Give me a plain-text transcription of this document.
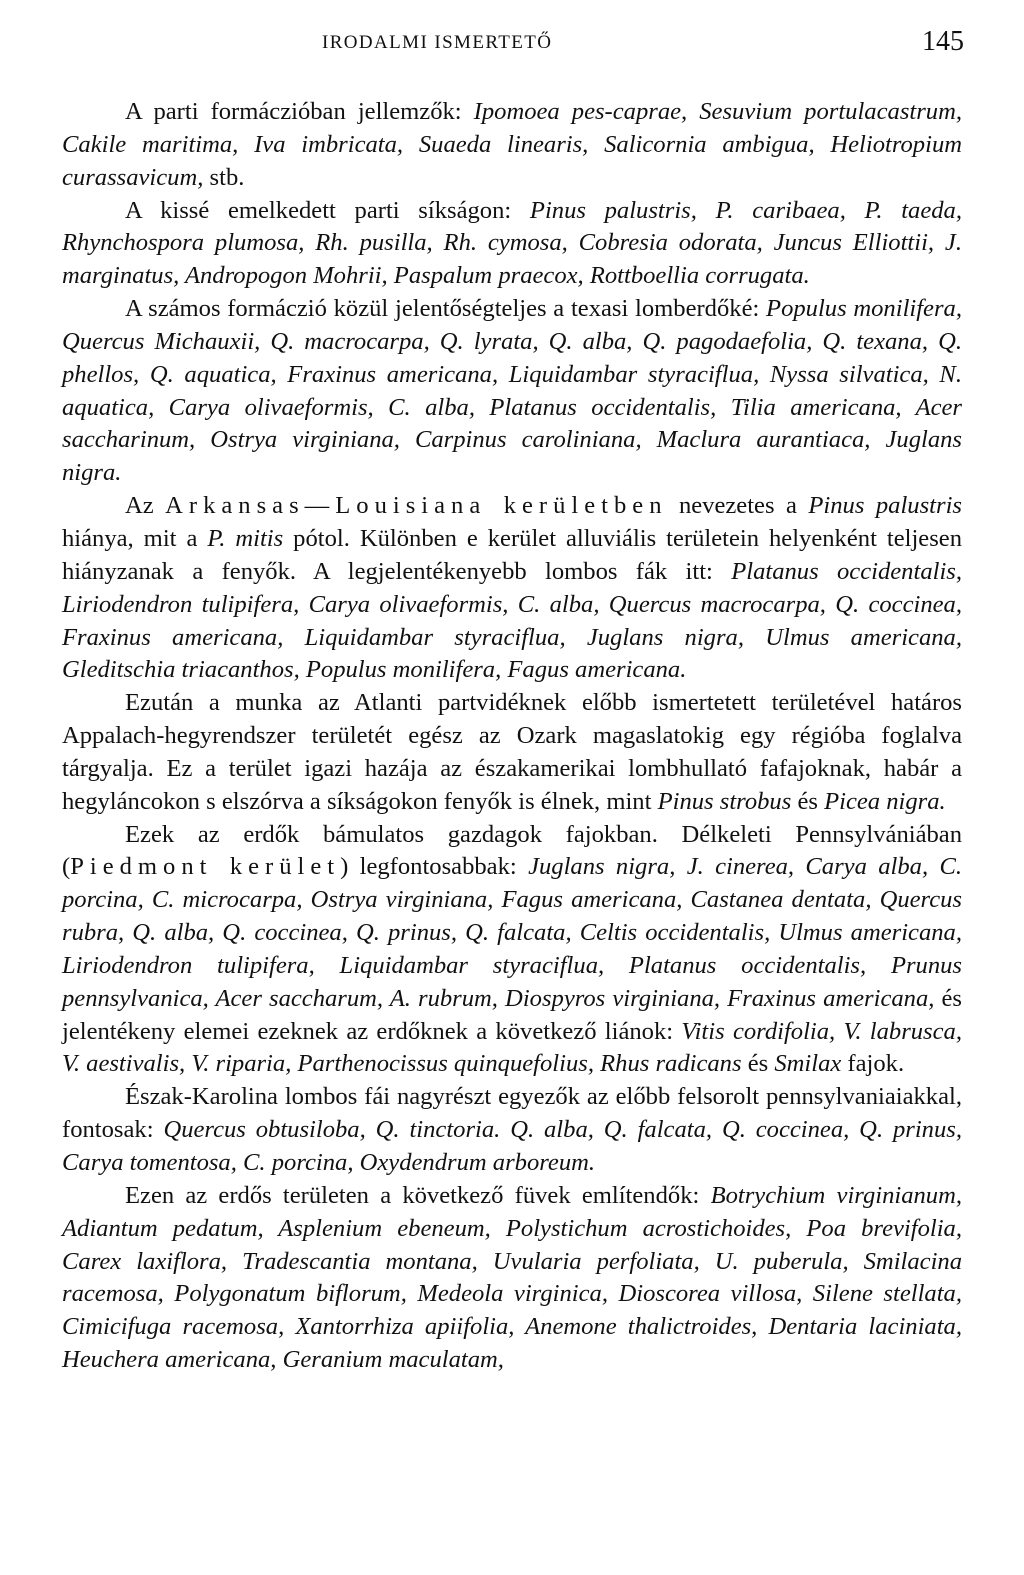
IRODALMI ISMERTETŐ	145

A parti formáczióban jellemzők: Ipomoea pes-caprae, Sesuvium portulacastrum, Cakile maritima, Iva imbricata, Suaeda linearis, Salicornia ambigua, Heliotropium curassavicum, stb.

A kissé emelkedett parti síkságon: Pinus palustris, P. caribaea, P. taeda, Rhynchospora plumosa, Rh. pusilla, Rh. cymosa, Cobresia odorata, Juncus Elliottii, J. marginatus, Andropogon Mohrii, Paspalum praecox, Rottboellia corrugata.

A számos formáczió közül jelentőségteljes a texasi lomberdőké: Populus monilifera, Quercus Michauxii, Q. macrocarpa, Q. lyrata, Q. alba, Q. pagodaefolia, Q. texana, Q. phellos, Q. aquatica, Fraxinus americana, Liquidambar styraciflua, Nyssa silvatica, N. aquatica, Carya olivaeformis, C. alba, Platanus occidentalis, Tilia americana, Acer saccharinum, Ostrya virginiana, Carpinus caroliniana, Maclura aurantiaca, Juglans nigra.

Az Arkansas—Louisiana kerületben nevezetes a Pinus palustris hiánya, mit a P. mitis pótol. Különben e kerület alluviális területein helyenként teljesen hiányzanak a fenyők. A legjelentékenyebb lombos fák itt: Platanus occidentalis, Liriodendron tulipifera, Carya olivaeformis, C. alba, Quercus macrocarpa, Q. coccinea, Fraxinus americana, Liquidambar styraciflua, Juglans nigra, Ulmus americana, Gleditschia triacanthos, Populus monilifera, Fagus americana.

Ezután a munka az Atlanti partvidéknek előbb ismertetett területével határos Appalach-hegyrendszer területét egész az Ozark magaslatokig egy régióba foglalva tárgyalja. Ez a terület igazi hazája az északamerikai lombhullató fafajoknak, habár a hegyláncokon s elszórva a síkságokon fenyők is élnek, mint Pinus strobus és Picea nigra.

Ezek az erdők bámulatos gazdagok fajokban. Délkeleti Pennsylvániában (Piedmont kerület) legfontosabbak: Juglans nigra, J. cinerea, Carya alba, C. porcina, C. microcarpa, Ostrya virginiana, Fagus americana, Castanea dentata, Quercus rubra, Q. alba, Q. coccinea, Q. prinus, Q. falcata, Celtis occidentalis, Ulmus americana, Liriodendron tulipifera, Liquidambar styraciflua, Platanus occidentalis, Prunus pennsylvanica, Acer saccharum, A. rubrum, Diospyros virginiana, Fraxinus americana, és jelentékeny elemei ezeknek az erdőknek a következő liánok: Vitis cordifolia, V. labrusca, V. aestivalis, V. riparia, Parthenocissus quinquefolius, Rhus radicans és Smilax fajok.

Észak-Karolina lombos fái nagyrészt egyezők az előbb felsorolt pennsylvaniaiakkal, fontosak: Quercus obtusiloba, Q. tinctoria. Q. alba, Q. falcata, Q. coccinea, Q. prinus, Carya tomentosa, C. porcina, Oxydendrum arboreum.

Ezen az erdős területen a következő füvek említendők: Botrychium virginianum, Adiantum pedatum, Asplenium ebeneum, Polystichum acrostichoides, Poa brevifolia, Carex laxiflora, Tradescantia montana, Uvularia perfoliata, U. puberula, Smilacina racemosa, Polygonatum biflorum, Medeola virginica, Dioscorea villosa, Silene stellata, Cimicifuga racemosa, Xantorrhiza apiifolia, Anemone thalictroides, Dentaria laciniata, Heuchera americana, Geranium maculatam,
